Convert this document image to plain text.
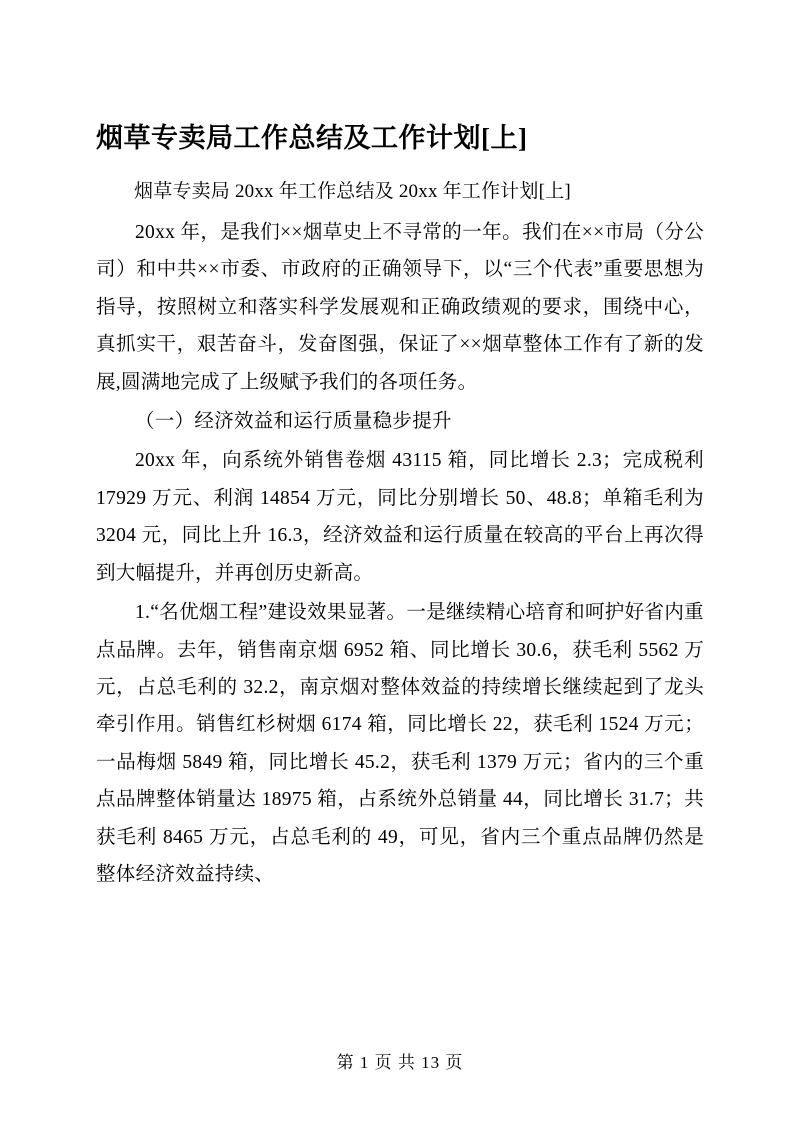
烟草专卖局工作总结及工作计划[上]
烟草专卖局 20xx 年工作总结及 20xx 年工作计划[上]

20xx 年，是我们××烟草史上不寻常的一年。我们在××市局（分公司）和中共××市委、市政府的正确领导下，以“三个代表”重要思想为指导，按照树立和落实科学发展观和正确政绩观的要求，围绕中心，真抓实干，艰苦奋斗，发奋图强，保证了××烟草整体工作有了新的发展,圆满地完成了上级赋予我们的各项任务。

（一）经济效益和运行质量稳步提升

20xx 年，向系统外销售卷烟 43115 箱，同比增长 2.3；完成税利 17929 万元、利润 14854 万元，同比分别增长 50、48.8；单箱毛利为 3204 元，同比上升 16.3，经济效益和运行质量在较高的平台上再次得到大幅提升，并再创历史新高。

1.“名优烟工程”建设效果显著。一是继续精心培育和呵护好省内重点品牌。去年，销售南京烟 6952 箱、同比增长 30.6，获毛利 5562 万元，占总毛利的 32.2，南京烟对整体效益的持续增长继续起到了龙头牵引作用。销售红杉树烟 6174 箱，同比增长 22，获毛利 1524 万元；一品梅烟 5849 箱，同比增长 45.2，获毛利 1379 万元；省内的三个重点品牌整体销量达 18975 箱，占系统外总销量 44，同比增长 31.7；共获毛利 8465 万元，占总毛利的 49，可见，省内三个重点品牌仍然是整体经济效益持续、

第 1 页 共 13 页
